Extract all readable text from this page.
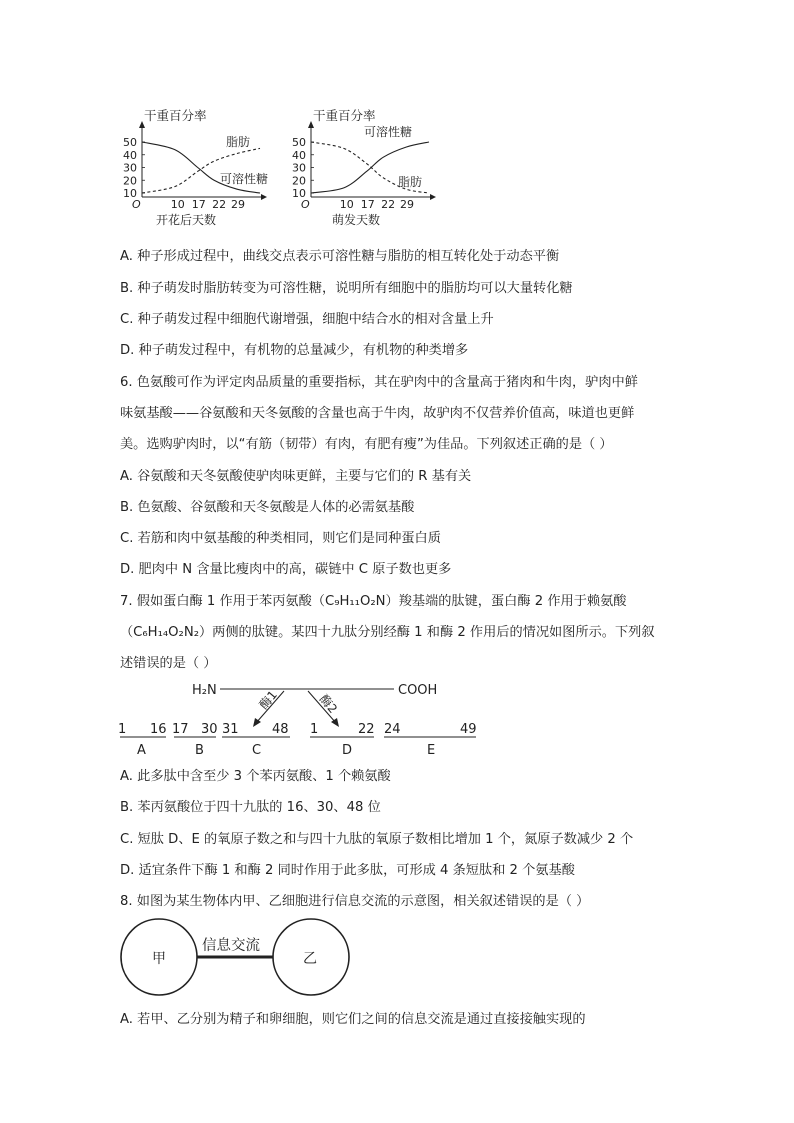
干重百分率
50
40
30
20
10
10 17 22 29
O
脂肪
可溶性糖
开花后天数
干重百分率
50
40
30
20
10
10 17 22 29
O
可溶性糖
脂肪
萌发天数
A. 种子形成过程中，曲线交点表示可溶性糖与脂肪的相互转化处于动态平衡
B. 种子萌发时脂肪转变为可溶性糖，说明所有细胞中的脂肪均可以大量转化糖
C. 种子萌发过程中细胞代谢增强，细胞中结合水的相对含量上升
D. 种子萌发过程中，有机物的总量减少，有机物的种类增多
6. 色氨酸可作为评定肉品质量的重要指标，其在驴肉中的含量高于猪肉和牛肉，驴肉中鲜
味氨基酸——谷氨酸和天冬氨酸的含量也高于牛肉，故驴肉不仅营养价值高，味道也更鲜
美。选购驴肉时，以“有筋（韧带）有肉，有肥有瘦”为佳品。下列叙述正确的是（ ）
A. 谷氨酸和天冬氨酸使驴肉味更鲜，主要与它们的 R 基有关
B. 色氨酸、谷氨酸和天冬氨酸是人体的必需氨基酸
C. 若筋和肉中氨基酸的种类相同，则它们是同种蛋白质
D. 肥肉中 N 含量比瘦肉中的高，碳链中 C 原子数也更多
7. 假如蛋白酶 1 作用于苯丙氨酸（C₉H₁₁O₂N）羧基端的肽键，蛋白酶 2 作用于赖氨酸
（C₆H₁₄O₂N₂）两侧的肽键。某四十九肽分别经酶 1 和酶 2 作用后的情况如图所示。下列叙
述错误的是（ ）
H₂N	COOH
酶1	酶2
1 16 17 30 31	48 1	22 24	49
A	B	C	D	E
A. 此多肽中含至少 3 个苯丙氨酸、1 个赖氨酸
B. 苯丙氨酸位于四十九肽的 16、30、48 位
C. 短肽 D、E 的氧原子数之和与四十九肽的氧原子数相比增加 1 个，氮原子数减少 2 个
D. 适宜条件下酶 1 和酶 2 同时作用于此多肽，可形成 4 条短肽和 2 个氨基酸
8. 如图为某生物体内甲、乙细胞进行信息交流的示意图，相关叙述错误的是（ ）
甲
信息交流
乙
A. 若甲、乙分别为精子和卵细胞，则它们之间的信息交流是通过直接接触实现的
